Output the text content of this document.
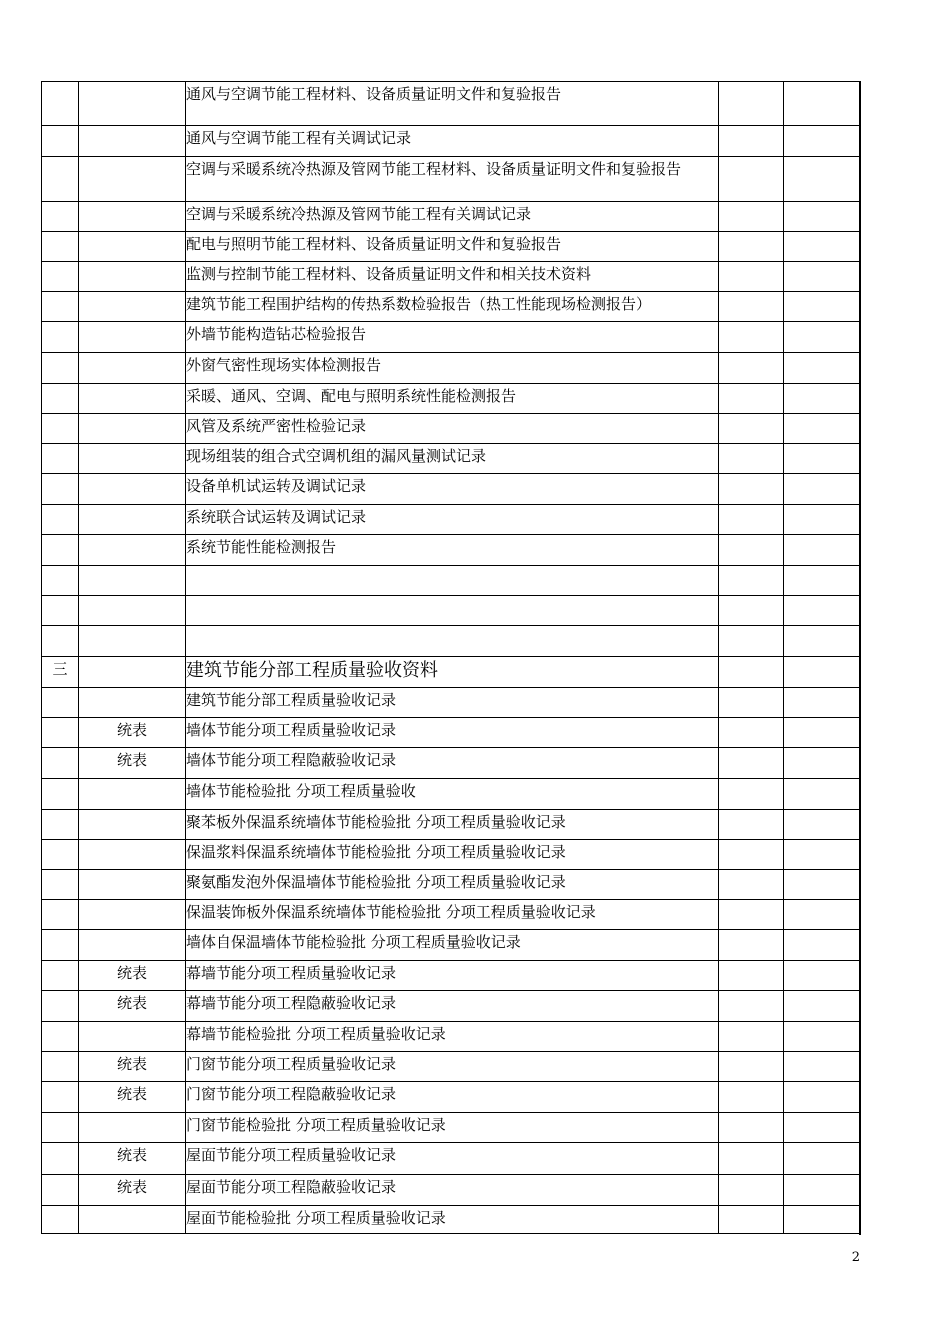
		通风与空调节能工程材料、设备质量证明文件和复验报告		
		通风与空调节能工程有关调试记录		
		空调与采暖系统冷热源及管网节能工程材料、设备质量证明文件和复验报告		
		空调与采暖系统冷热源及管网节能工程有关调试记录		
		配电与照明节能工程材料、设备质量证明文件和复验报告		
		监测与控制节能工程材料、设备质量证明文件和相关技术资料		
		建筑节能工程围护结构的传热系数检验报告（热工性能现场检测报告）		
		外墙节能构造钻芯检验报告		
		外窗气密性现场实体检测报告		
		采暖、通风、空调、配电与照明系统性能检测报告		
		风管及系统严密性检验记录		
		现场组装的组合式空调机组的漏风量测试记录		
		设备单机试运转及调试记录		
		系统联合试运转及调试记录		
		系统节能性能检测报告		

三		建筑节能分部工程质量验收资料		
		建筑节能分部工程质量验收记录		
	统表	墙体节能分项工程质量验收记录		
	统表	墙体节能分项工程隐蔽验收记录		
		墙体节能检验批 分项工程质量验收		
		聚苯板外保温系统墙体节能检验批 分项工程质量验收记录		
		保温浆料保温系统墙体节能检验批 分项工程质量验收记录		
		聚氨酯发泡外保温墙体节能检验批 分项工程质量验收记录		
		保温装饰板外保温系统墙体节能检验批 分项工程质量验收记录		
		墙体自保温墙体节能检验批 分项工程质量验收记录		
	统表	幕墙节能分项工程质量验收记录		
	统表	幕墙节能分项工程隐蔽验收记录		
		幕墙节能检验批 分项工程质量验收记录		
	统表	门窗节能分项工程质量验收记录		
	统表	门窗节能分项工程隐蔽验收记录		
		门窗节能检验批 分项工程质量验收记录		
	统表	屋面节能分项工程质量验收记录		
	统表	屋面节能分项工程隐蔽验收记录		
		屋面节能检验批 分项工程质量验收记录		
2
